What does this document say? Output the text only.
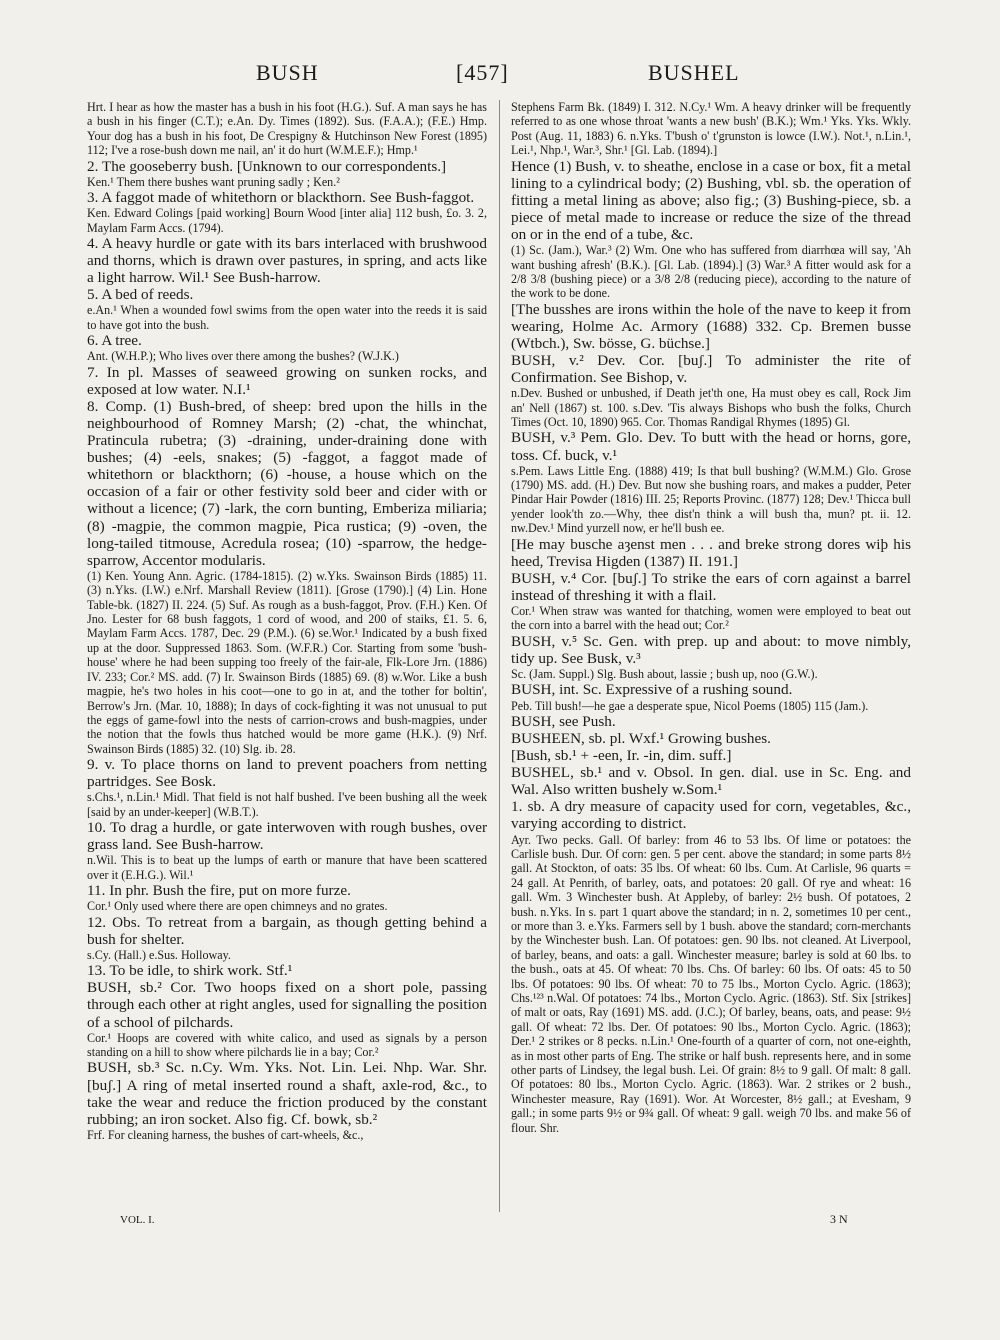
BUSH	[457]	BUSHEL

Hrt. I hear as how the master has a bush in his foot (H.G.). Suf. A man says he has a bush in his finger (C.T.); e.An. Dy. Times (1892). Sus. (F.A.A.); (F.E.) Hmp. Your dog has a bush in his foot, De Crespigny & Hutchinson New Forest (1895) 112; I've a rose-bush down me nail, an' it do hurt (W.M.E.F.); Hmp.¹

2. The gooseberry bush. [Unknown to our correspondents.]

Ken.¹ Them there bushes want pruning sadly ; Ken.²

3. A faggot made of whitethorn or blackthorn. See Bush-faggot.

Ken. Edward Colings [paid working] Bourn Wood [inter alia] 112 bush, £o. 3. 2, Maylam Farm Accs. (1794).

4. A heavy hurdle or gate with its bars interlaced with brushwood and thorns, which is drawn over pastures, in spring, and acts like a light harrow. Wil.¹ See Bush-harrow.

5. A bed of reeds.

e.An.¹ When a wounded fowl swims from the open water into the reeds it is said to have got into the bush.

6. A tree.

Ant. (W.H.P.); Who lives over there among the bushes? (W.J.K.)

7. In pl. Masses of seaweed growing on sunken rocks, and exposed at low water. N.I.¹

8. Comp. (1) Bush-bred, of sheep: bred upon the hills in the neighbourhood of Romney Marsh; (2) -chat, the whinchat, Pratincula rubetra; (3) -draining, under-draining done with bushes; (4) -eels, snakes; (5) -faggot, a faggot made of whitethorn or blackthorn; (6) -house, a house which on the occasion of a fair or other festivity sold beer and cider with or without a licence; (7) -lark, the corn bunting, Emberiza miliaria; (8) -magpie, the common magpie, Pica rustica; (9) -oven, the long-tailed titmouse, Acredula rosea; (10) -sparrow, the hedge-sparrow, Accentor modularis.

(1) Ken. Young Ann. Agric. (1784-1815). (2) w.Yks. Swainson Birds (1885) 11. (3) n.Yks. (I.W.) e.Nrf. Marshall Review (1811). [Grose (1790).] (4) Lin. Hone Table-bk. (1827) II. 224. (5) Suf. As rough as a bush-faggot, Prov. (F.H.) Ken. Of Jno. Lester for 68 bush faggots, 1 cord of wood, and 200 of staiks, £1. 5. 6, Maylam Farm Accs. 1787, Dec. 29 (P.M.). (6) se.Wor.¹ Indicated by a bush fixed up at the door. Suppressed 1863. Som. (W.F.R.) Cor. Starting from some 'bush-house' where he had been supping too freely of the fair-ale, Flk-Lore Jrn. (1886) IV. 233; Cor.² MS. add. (7) Ir. Swainson Birds (1885) 69. (8) w.Wor. Like a bush magpie, he's two holes in his coot—one to go in at, and the tother for boltin', Berrow's Jrn. (Mar. 10, 1888); In days of cock-fighting it was not unusual to put the eggs of game-fowl into the nests of carrion-crows and bush-magpies, under the notion that the fowls thus hatched would be more game (H.K.). (9) Nrf. Swainson Birds (1885) 32. (10) Slg. ib. 28.

9. v. To place thorns on land to prevent poachers from netting partridges. See Bosk.

s.Chs.¹, n.Lin.¹ Midl. That field is not half bushed. I've been bushing all the week [said by an under-keeper] (W.B.T.).

10. To drag a hurdle, or gate interwoven with rough bushes, over grass land. See Bush-harrow.

n.Wil. This is to beat up the lumps of earth or manure that have been scattered over it (E.H.G.). Wil.¹

11. In phr. Bush the fire, put on more furze.

Cor.¹ Only used where there are open chimneys and no grates.

12. Obs. To retreat from a bargain, as though getting behind a bush for shelter.

s.Cy. (Hall.) e.Sus. Holloway.

13. To be idle, to shirk work. Stf.¹

BUSH, sb.² Cor. Two hoops fixed on a short pole, passing through each other at right angles, used for signalling the position of a school of pilchards.

Cor.¹ Hoops are covered with white calico, and used as signals by a person standing on a hill to show where pilchards lie in a bay; Cor.²

BUSH, sb.³ Sc. n.Cy. Wm. Yks. Not. Lin. Lei. Nhp. War. Shr. [buʃ.] A ring of metal inserted round a shaft, axle-rod, &c., to take the wear and reduce the friction produced by the constant rubbing; an iron socket. Also fig. Cf. bowk, sb.²

Frf. For cleaning harness, the bushes of cart-wheels, &c.,

Stephens Farm Bk. (1849) I. 312. N.Cy.¹ Wm. A heavy drinker will be frequently referred to as one whose throat 'wants a new bush' (B.K.); Wm.¹ Yks. Yks. Wkly. Post (Aug. 11, 1883) 6. n.Yks. T'bush o' t'grunston is lowce (I.W.). Not.¹, n.Lin.¹, Lei.¹, Nhp.¹, War.³, Shr.¹ [Gl. Lab. (1894).]

Hence (1) Bush, v. to sheathe, enclose in a case or box, fit a metal lining to a cylindrical body; (2) Bushing, vbl. sb. the operation of fitting a metal lining as above; also fig.; (3) Bushing-piece, sb. a piece of metal made to increase or reduce the size of the thread on or in the end of a tube, &c.

(1) Sc. (Jam.), War.³ (2) Wm. One who has suffered from diarrhœa will say, 'Ah want bushing afresh' (B.K.). [Gl. Lab. (1894).] (3) War.³ A fitter would ask for a 2/8 3/8 (bushing piece) or a 3/8 2/8 (reducing piece), according to the nature of the work to be done.

[The busshes are irons within the hole of the nave to keep it from wearing, Holme Ac. Armory (1688) 332. Cp. Bremen busse (Wtbch.), Sw. bösse, G. büchse.]

BUSH, v.² Dev. Cor. [buʃ.] To administer the rite of Confirmation. See Bishop, v.

n.Dev. Bushed or unbushed, if Death jet'th one, Ha must obey es call, Rock Jim an' Nell (1867) st. 100. s.Dev. 'Tis always Bishops who bush the folks, Church Times (Oct. 10, 1890) 965. Cor. Thomas Randigal Rhymes (1895) Gl.

BUSH, v.³ Pem. Glo. Dev. To butt with the head or horns, gore, toss. Cf. buck, v.¹

s.Pem. Laws Little Eng. (1888) 419; Is that bull bushing? (W.M.M.) Glo. Grose (1790) MS. add. (H.) Dev. But now she bushing roars, and makes a pudder, Peter Pindar Hair Powder (1816) III. 25; Reports Provinc. (1877) 128; Dev.¹ Thicca bull yender look'th zo.—Why, thee dist'n think a will bush tha, mun? pt. ii. 12. nw.Dev.¹ Mind yurzell now, er he'll bush ee.

[He may busche aȝenst men . . . and breke strong dores wiþ his heed, Trevisa Higden (1387) II. 191.]

BUSH, v.⁴ Cor. [buʃ.] To strike the ears of corn against a barrel instead of threshing it with a flail.

Cor.¹ When straw was wanted for thatching, women were employed to beat out the corn into a barrel with the head out; Cor.²

BUSH, v.⁵ Sc. Gen. with prep. up and about: to move nimbly, tidy up. See Busk, v.³

Sc. (Jam. Suppl.) Slg. Bush about, lassie ; bush up, noo (G.W.).

BUSH, int. Sc. Expressive of a rushing sound.

Peb. Till bush!—he gae a desperate spue, Nicol Poems (1805) 115 (Jam.).

BUSH, see Push.

BUSHEEN, sb. pl. Wxf.¹ Growing bushes.

[Bush, sb.¹ + -een, Ir. -in, dim. suff.]

BUSHEL, sb.¹ and v. Obsol. In gen. dial. use in Sc. Eng. and Wal. Also written bushely w.Som.¹

1. sb. A dry measure of capacity used for corn, vegetables, &c., varying according to district.

Ayr. Two pecks. Gall. Of barley: from 46 to 53 lbs. Of lime or potatoes: the Carlisle bush. Dur. Of corn: gen. 5 per cent. above the standard; in some parts 8½ gall. At Stockton, of oats: 35 lbs. Of wheat: 60 lbs. Cum. At Carlisle, 96 quarts = 24 gall. At Penrith, of barley, oats, and potatoes: 20 gall. Of rye and wheat: 16 gall. Wm. 3 Winchester bush. At Appleby, of barley: 2½ bush. Of potatoes, 2 bush. n.Yks. In s. part 1 quart above the standard; in n. 2, sometimes 10 per cent., or more than 3. e.Yks. Farmers sell by 1 bush. above the standard; corn-merchants by the Winchester bush. Lan. Of potatoes: gen. 90 lbs. not cleaned. At Liverpool, of barley, beans, and oats: a gall. Winchester measure; barley is sold at 60 lbs. to the bush., oats at 45. Of wheat: 70 lbs. Chs. Of barley: 60 lbs. Of oats: 45 to 50 lbs. Of potatoes: 90 lbs. Of wheat: 70 to 75 lbs., Morton Cyclo. Agric. (1863); Chs.¹²³ n.Wal. Of potatoes: 74 lbs., Morton Cyclo. Agric. (1863). Stf. Six [strikes] of malt or oats, Ray (1691) MS. add. (J.C.); Of barley, beans, oats, and pease: 9½ gall. Of wheat: 72 lbs. Der. Of potatoes: 90 lbs., Morton Cyclo. Agric. (1863); Der.¹ 2 strikes or 8 pecks. n.Lin.¹ One-fourth of a quarter of corn, not one-eighth, as in most other parts of Eng. The strike or half bush. represents here, and in some other parts of Lindsey, the legal bush. Lei. Of grain: 8½ to 9 gall. Of malt: 8 gall. Of potatoes: 80 lbs., Morton Cyclo. Agric. (1863). War. 2 strikes or 2 bush., Winchester measure, Ray (1691). Wor. At Worcester, 8½ gall.; at Evesham, 9 gall.; in some parts 9½ or 9¾ gall. Of wheat: 9 gall. weigh 70 lbs. and make 56 of flour. Shr.

VOL. I.	3 N
